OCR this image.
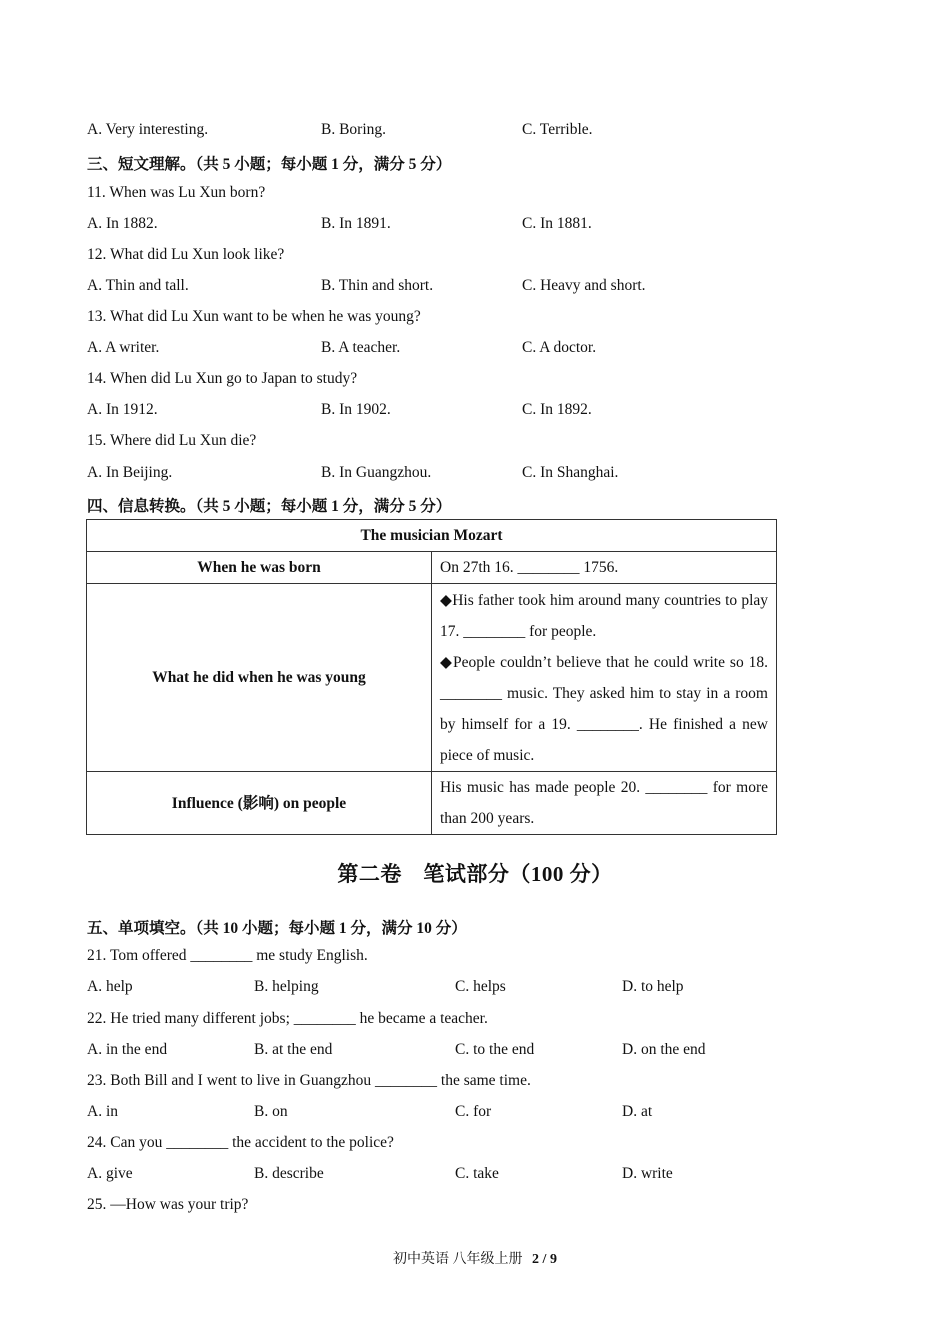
A. Very interesting.	B. Boring.	C. Terrible.
三、短文理解。（共 5 小题；每小题 1 分，满分 5 分）
11. When was Lu Xun born?
A. In 1882.	B. In 1891.	C. In 1881.
12. What did Lu Xun look like?
A. Thin and tall.	B. Thin and short.	C. Heavy and short.
13. What did Lu Xun want to be when he was young?
A. A writer.	B. A teacher.	C. A doctor.
14. When did Lu Xun go to Japan to study?
A. In 1912.	B. In 1902.	C. In 1892.
15. Where did Lu Xun die?
A. In Beijing.	B. In Guangzhou.	C. In Shanghai.
四、信息转换。（共 5 小题；每小题 1 分，满分 5 分）
The musician Mozart	
When he was born	On 27th 16. ________ 1756.
What he did when he was young	◆His father took him around many countries to play 17. ________ for people.
◆People couldn’t believe that he could write so 18. ________ music. They asked him to stay in a room by himself for a 19. ________. He finished a new piece of music.

Influence (影响) on people	His music has made people 20. ________ for more than 200 years.
第二卷　笔试部分（100 分）
五、单项填空。（共 10 小题；每小题 1 分，满分 10 分）
21. Tom offered ________ me study English.
A. help	B. helping	C. helps	D. to help
22. He tried many different jobs; ________ he became a teacher.
A. in the end	B. at the end	C. to the end	D. on the end
23. Both Bill and I went to live in Guangzhou ________ the same time.
A. in	B. on	C. for	D. at
24. Can you ________ the accident to the police?
A. give	B. describe	C. take	D. write
25. —How was your trip?
初中英语 八年级上册 2 / 9
